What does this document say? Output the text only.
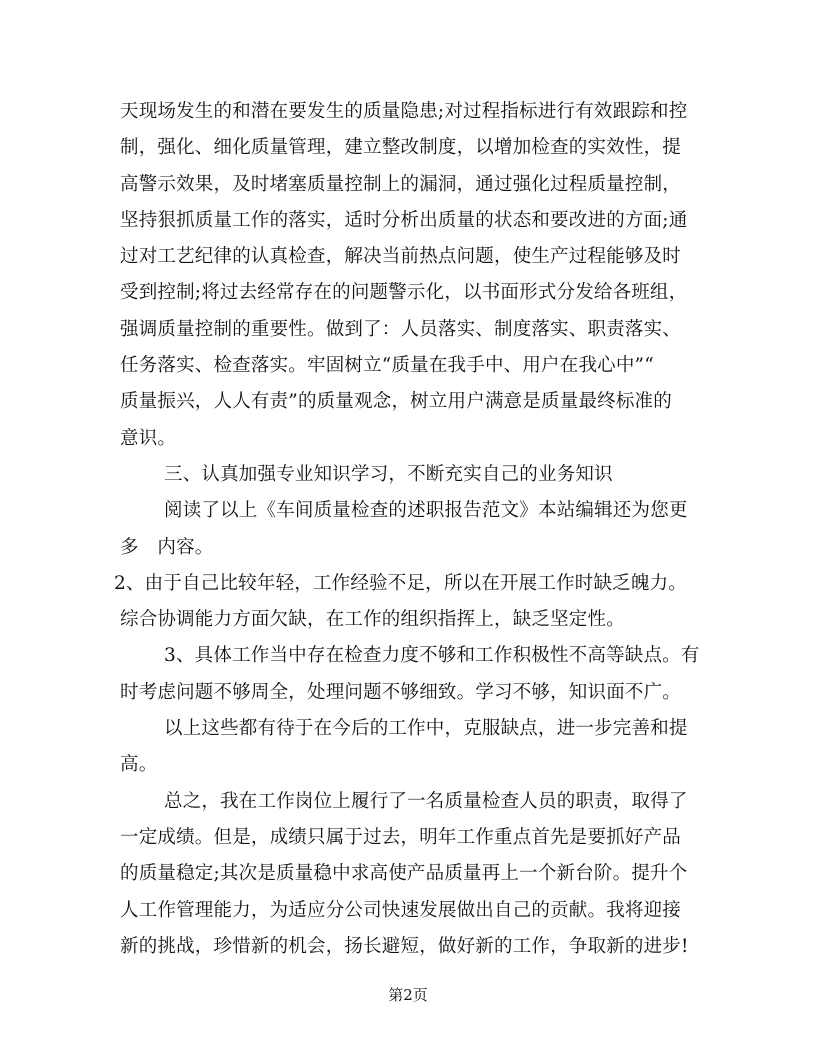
天现场发生的和潜在要发生的质量隐患;对过程指标进行有效跟踪和控
制，强化、细化质量管理，建立整改制度，以增加检查的实效性，提
高警示效果，及时堵塞质量控制上的漏洞，通过强化过程质量控制，
坚持狠抓质量工作的落实，适时分析出质量的状态和要改进的方面;通
过对工艺纪律的认真检查，解决当前热点问题，使生产过程能够及时
受到控制;将过去经常存在的问题警示化，以书面形式分发给各班组，
强调质量控制的重要性。做到了：人员落实、制度落实、职责落实、
任务落实、检查落实。牢固树立“质量在我手中、用户在我心中”“
质量振兴，人人有责”的质量观念，树立用户满意是质量最终标准的
意识。
三、认真加强专业知识学习，不断充实自己的业务知识
阅读了以上《车间质量检查的述职报告范文》本站编辑还为您更
多　内容。
2、由于自己比较年轻，工作经验不足，所以在开展工作时缺乏魄力。
综合协调能力方面欠缺，在工作的组织指挥上，缺乏坚定性。
3、具体工作当中存在检查力度不够和工作积极性不高等缺点。有
时考虑问题不够周全，处理问题不够细致。学习不够，知识面不广。
以上这些都有待于在今后的工作中，克服缺点，进一步完善和提
高。
总之，我在工作岗位上履行了一名质量检查人员的职责，取得了
一定成绩。但是，成绩只属于过去，明年工作重点首先是要抓好产品
的质量稳定;其次是质量稳中求高使产品质量再上一个新台阶。提升个
人工作管理能力，为适应分公司快速发展做出自己的贡献。我将迎接
新的挑战，珍惜新的机会，扬长避短，做好新的工作，争取新的进步!
第2页
